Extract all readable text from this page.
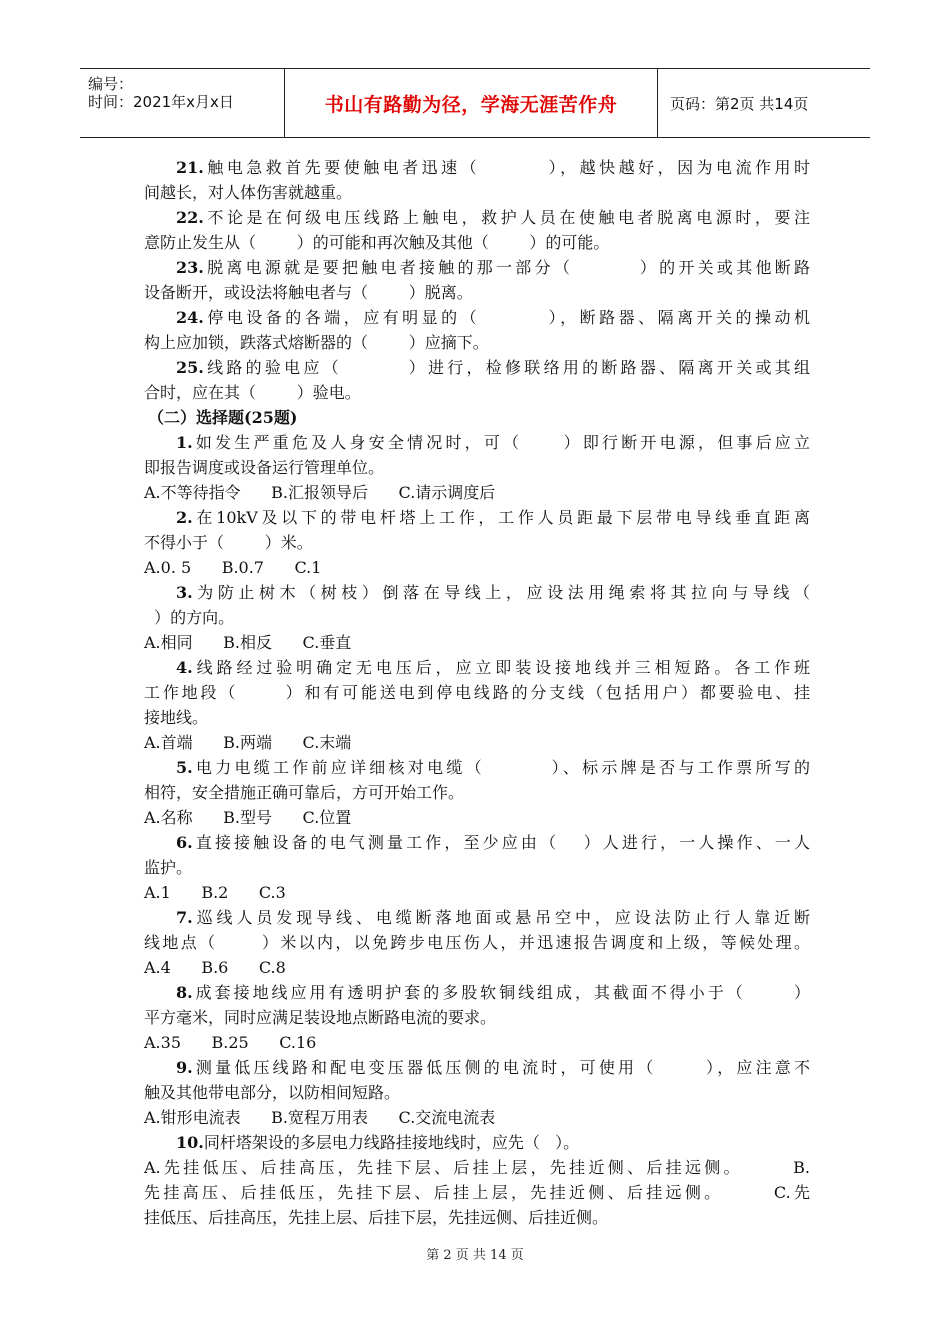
编号：
时间：2021年x月x日	书山有路勤为径，学海无涯苦作舟	页码：第2页 共14页
21.触电急救首先要使触电者迅速（        ），越快越好，因为电流作用时
间越长，对人体伤害就越重。
22.不论是在何级电压线路上触电，救护人员在使触电者脱离电源时，要注
意防止发生从（        ）的可能和再次触及其他（        ）的可能。
23.脱离电源就是要把触电者接触的那一部分（        ）的开关或其他断路
设备断开，或设法将触电者与（        ）脱离。
24.停电设备的各端，应有明显的（        ），断路器、隔离开关的操动机
构上应加锁，跌落式熔断器的（        ）应摘下。
25.线路的验电应（        ）进行，检修联络用的断路器、隔离开关或其组
合时，应在其（        ）验电。
（二）选择题(25题)
1.如发生严重危及人身安全情况时，可（     ）即行断开电源，但事后应立
即报告调度或设备运行管理单位。
A.不等待指令      B.汇报领导后      C.请示调度后
2.在10kV及以下的带电杆塔上工作，工作人员距最下层带电导线垂直距离
不得小于（        ）米。
A.0. 5      B.0.7      C.1
3.为防止树木（树枝）倒落在导线上，应设法用绳索将其拉向与导线（
）的方向。
A.相同      B.相反      C.垂直
4.线路经过验明确定无电压后，应立即装设接地线并三相短路。各工作班
工作地段（      ）和有可能送电到停电线路的分支线（包括用户）都要验电、挂
接地线。
A.首端      B.两端      C.末端
5.电力电缆工作前应详细核对电缆（        ）、标示牌是否与工作票所写的
相符，安全措施正确可靠后，方可开始工作。
A.名称      B.型号      C.位置
6.直接接触设备的电气测量工作，至少应由（   ）人进行，一人操作、一人
监护。
A.1      B.2      C.3
7.巡线人员发现导线、电缆断落地面或悬吊空中，应设法防止行人靠近断
线地点（      ）米以内，以免跨步电压伤人，并迅速报告调度和上级，等候处理。
A.4      B.6      C.8
8.成套接地线应用有透明护套的多股软铜线组成，其截面不得小于（      ）
平方毫米，同时应满足装设地点断路电流的要求。
A.35      B.25      C.16
9.测量低压线路和配电变压器低压侧的电流时，可使用（      ），应注意不
触及其他带电部分，以防相间短路。
A.钳形电流表      B.宽程万用表      C.交流电流表
10.同杆塔架设的多层电力线路挂接地线时，应先（   ）。
A.先挂低压、后挂高压，先挂下层、后挂上层，先挂近侧、后挂远侧。      B.
先挂高压、后挂低压，先挂下层、后挂上层，先挂近侧、后挂远侧。      C.先
挂低压、后挂高压，先挂上层、后挂下层，先挂远侧、后挂近侧。
第 2 页 共 14 页
